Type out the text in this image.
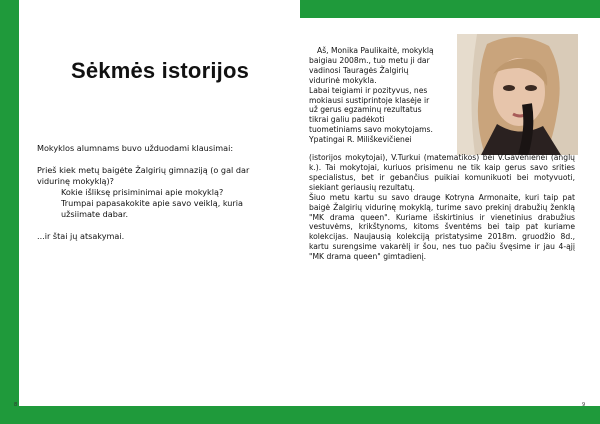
8	9
Sėkmės istorijos

Mokyklos alumnams buvo užduodami klausimai:

Prieš kiek metų baigėte Žalgirių gimnaziją (o gal dar vidurinę mokyklą)?

Kokie išliksę prisiminimai apie mokyklą?

Trumpai papasakokite apie savo veiklą, kuria užsiimate dabar.

...ir štai jų atsakymai.

Aš, Monika Paulikaitė, mokyklą

baigiau 2008m., tuo metu ji dar

vadinosi Tauragės Žalgirių

vidurinė mokykla.

Labai teigiami ir pozityvus, nes

mokiausi sustiprintoje klasėje ir

už gerus egzaminų rezultatus

tikrai galiu padėkoti

tuometiniams savo mokytojams.

Ypatingai R. Miliškevičienei

(istorijos mokytojai), V.Turkui (matematikos) bei V.Gavenienei (anglų k.). Tai mokytojai, kuriuos prisimenu ne tik kaip gerus savo srities specialistus, bet ir gebančius puikiai komunikuoti bei motyvuoti, siekiant geriausių rezultatų.

Šiuo metu kartu su savo drauge Kotryna Armonaite, kuri taip pat baigė Žalgirių vidurinę mokyklą, turime savo prekinį drabužių ženklą "MK drama queen". Kuriame išskirtinius ir vienetinius drabužius vestuvėms, krikštynoms, kitoms šventėms bei taip pat kuriame kolekcijas. Naujausią kolekciją pristatysime 2018m. gruodžio 8d., kartu surengsime vakarėlį ir šou, nes tuo pačiu švęsime ir jau 4-ąjį "MK drama queen" gimtadienį.
